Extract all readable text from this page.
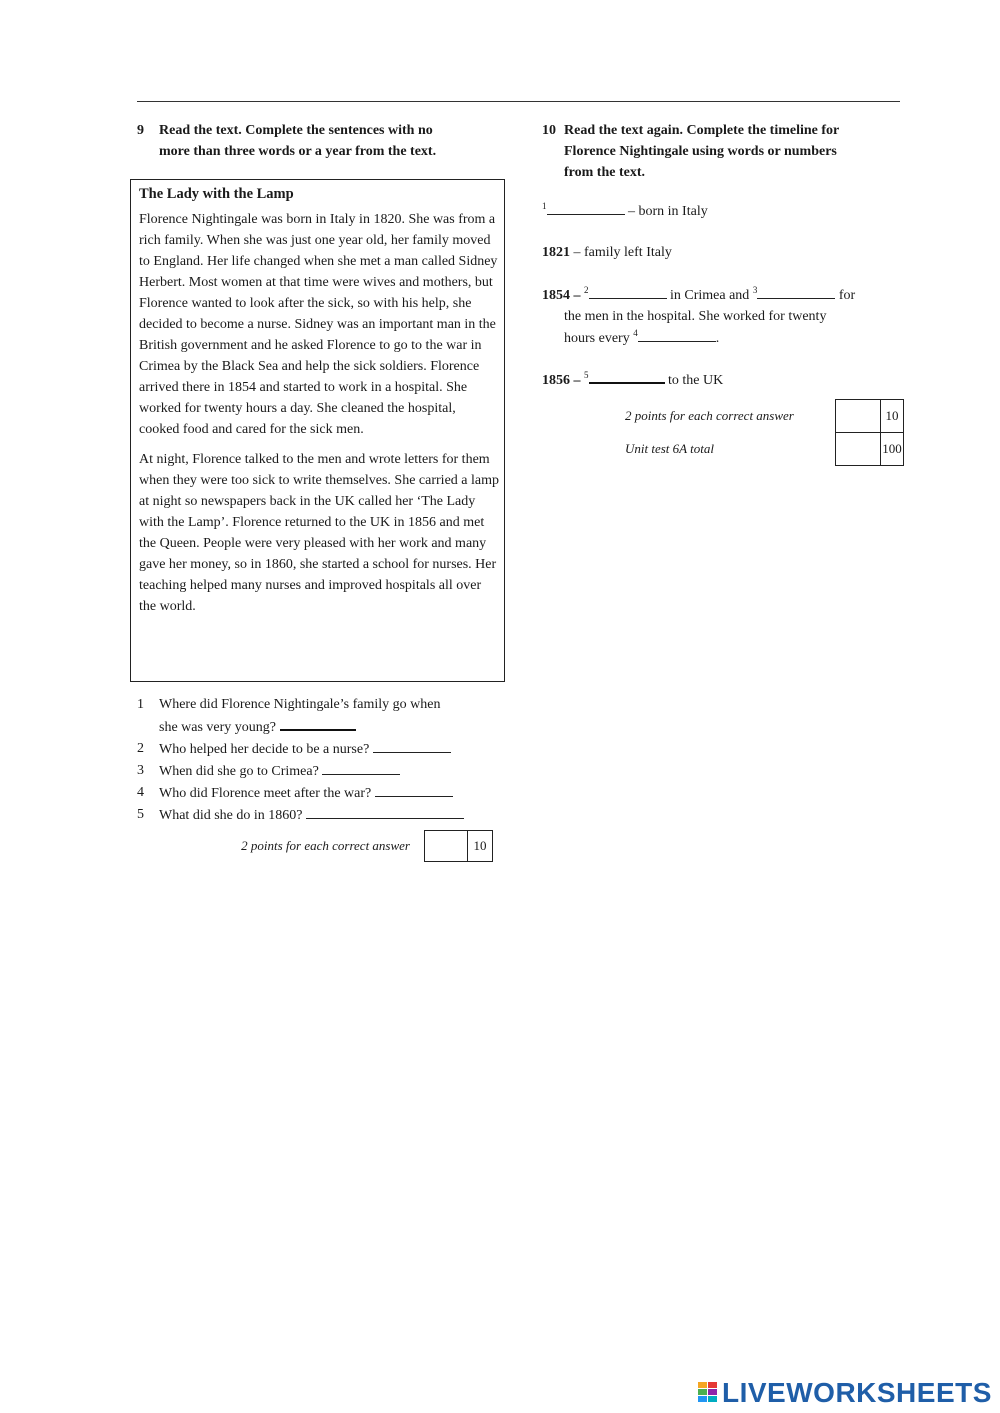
9 Read the text. Complete the sentences with no
more than three words or a year from the text.
The Lady with the Lamp

Florence Nightingale was born in Italy in 1820. She was from a rich family. When she was just one year old, her family moved to England. Her life changed when she met a man called Sidney Herbert. Most women at that time were wives and mothers, but Florence wanted to look after the sick, so with his help, she decided to become a nurse. Sidney was an important man in the British government and he asked Florence to go to the war in Crimea by the Black Sea and help the sick soldiers. Florence arrived there in 1854 and started to work in a hospital. She worked for twenty hours a day. She cleaned the hospital, cooked food and cared for the sick men.

At night, Florence talked to the men and wrote letters for them when they were too sick to write themselves. She carried a lamp at night so newspapers back in the UK called her ‘The Lady with the Lamp’. Florence returned to the UK in 1856 and met the Queen. People were very pleased with her work and many gave her money, so in 1860, she started a school for nurses. Her teaching helped many nurses and improved hospitals all over the world.

1	Where did Florence Nightingale’s family go when
she was very young?
2	Who helped her decide to be a nurse?
3	When did she go to Crimea?
4	Who did Florence meet after the war?
5	What did she do in 1860?
2 points for each correct answer	10
10 Read the text again. Complete the timeline for
Florence Nightingale using words or numbers
from the text.
$^1$	– born in Italy
1821 – family left Italy
1854 – $^2$	in Crimea and $^3$	for
the men in the hospital. She worked for twenty
hours every $^4$	.
1856 – $^5$	to the UK
2 points for each correct answer		10
Unit test 6A total		100
LIVEWORKSHEETS
